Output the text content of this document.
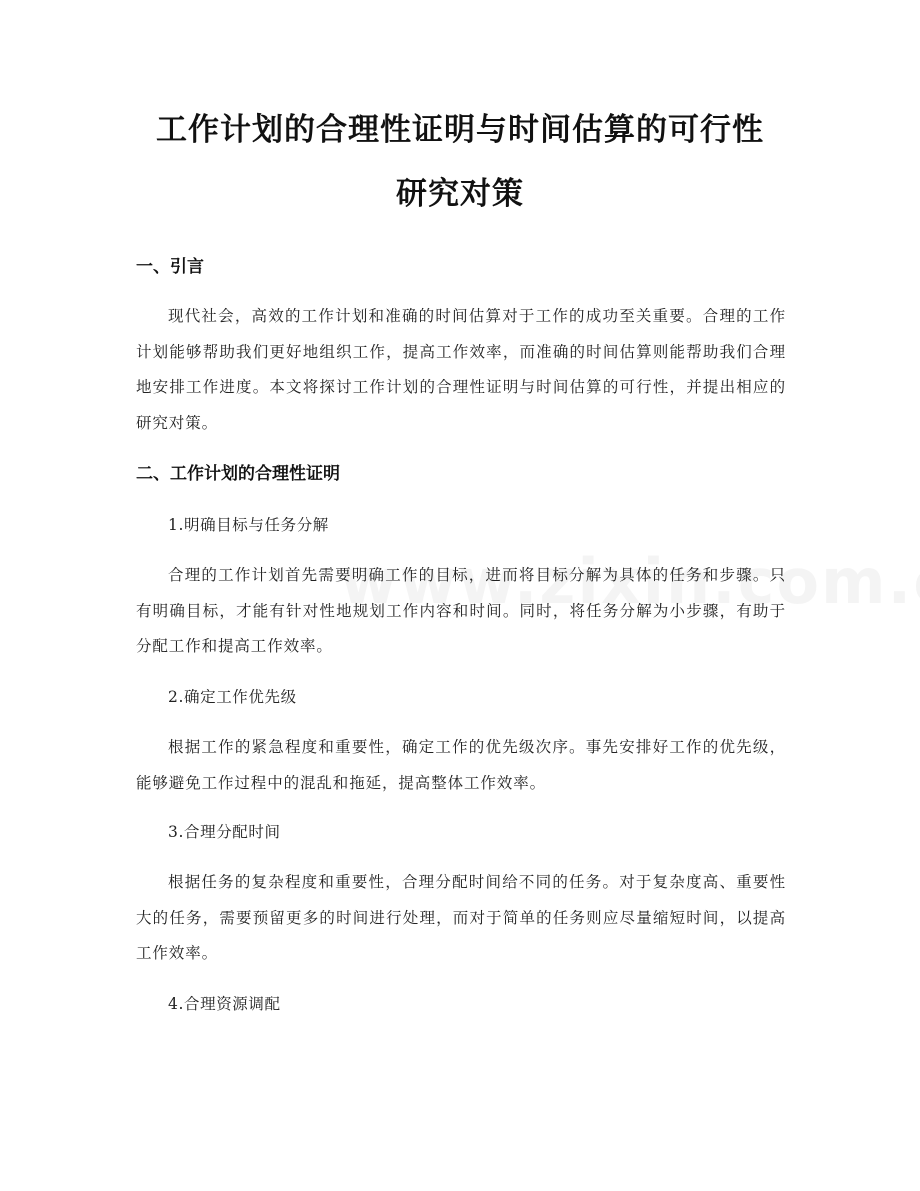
工作计划的合理性证明与时间估算的可行性
研究对策
一、引言

现代社会，高效的工作计划和准确的时间估算对于工作的成功至关重要。合理的工作计划能够帮助我们更好地组织工作，提高工作效率，而准确的时间估算则能帮助我们合理地安排工作进度。本文将探讨工作计划的合理性证明与时间估算的可行性，并提出相应的研究对策。

二、工作计划的合理性证明
1.明确目标与任务分解

合理的工作计划首先需要明确工作的目标，进而将目标分解为具体的任务和步骤。只有明确目标，才能有针对性地规划工作内容和时间。同时，将任务分解为小步骤，有助于分配工作和提高工作效率。

2.确定工作优先级

根据工作的紧急程度和重要性，确定工作的优先级次序。事先安排好工作的优先级，能够避免工作过程中的混乱和拖延，提高整体工作效率。

3.合理分配时间

根据任务的复杂程度和重要性，合理分配时间给不同的任务。对于复杂度高、重要性大的任务，需要预留更多的时间进行处理，而对于简单的任务则应尽量缩短时间，以提高工作效率。

4.合理资源调配
